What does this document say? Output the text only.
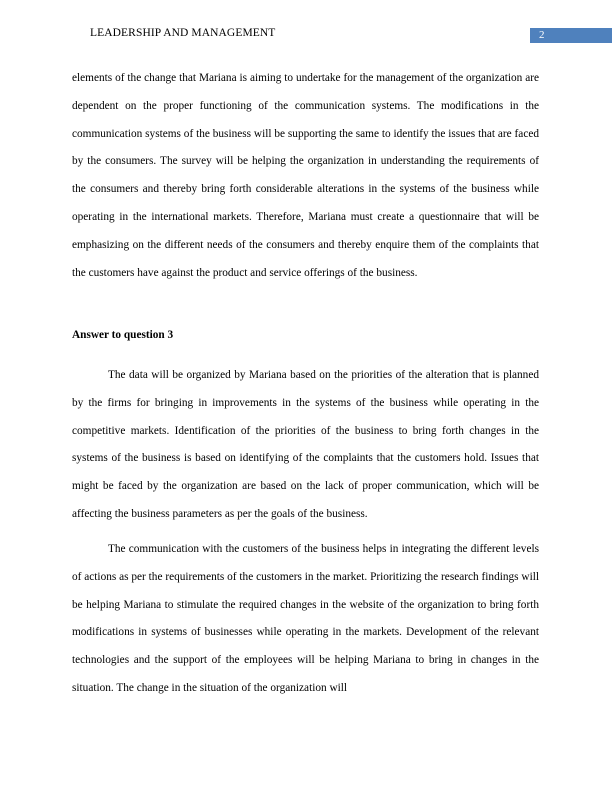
LEADERSHIP AND MANAGEMENT	2

elements of the change that Mariana is aiming to undertake for the management of the organization are dependent on the proper functioning of the communication systems. The modifications in the communication systems of the business will be supporting the same to identify the issues that are faced by the consumers. The survey will be helping the organization in understanding the requirements of the consumers and thereby bring forth considerable alterations in the systems of the business while operating in the international markets. Therefore, Mariana must create a questionnaire that will be emphasizing on the different needs of the consumers and thereby enquire them of the complaints that the customers have against the product and service offerings of the business.

Answer to question 3

The data will be organized by Mariana based on the priorities of the alteration that is planned by the firms for bringing in improvements in the systems of the business while operating in the competitive markets. Identification of the priorities of the business to bring forth changes in the systems of the business is based on identifying of the complaints that the customers hold. Issues that might be faced by the organization are based on the lack of proper communication, which will be affecting the business parameters as per the goals of the business.

The communication with the customers of the business helps in integrating the different levels of actions as per the requirements of the customers in the market. Prioritizing the research findings will be helping Mariana to stimulate the required changes in the website of the organization to bring forth modifications in systems of businesses while operating in the markets. Development of the relevant technologies and the support of the employees will be helping Mariana to bring in changes in the situation. The change in the situation of the organization will
